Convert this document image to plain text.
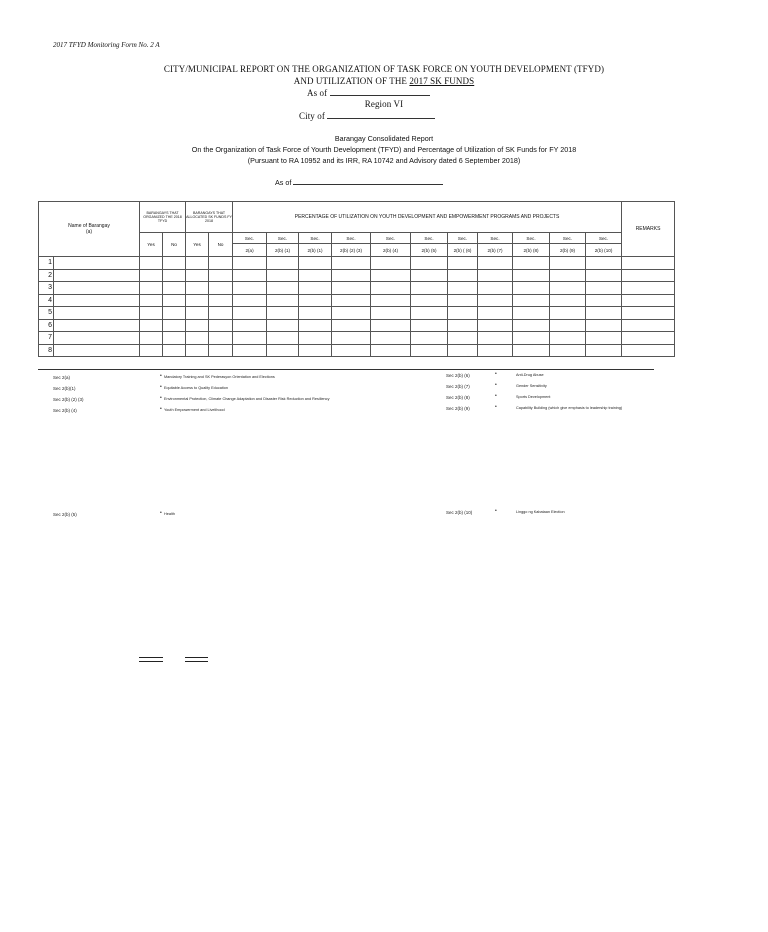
2017 TFYD Monitoring Form No. 2 A
CITY/MUNICIPAL REPORT ON THE ORGANIZATION OF TASK FORCE ON YOUTH DEVELOPMENT (TFYD)
AND UTILIZATION OF THE 2017 SK FUNDS
As of
Region VI
City of
Barangay Consolidated Report
On the Organization of Task Force of Yourth Development (TFYD) and Percentage of Utilization of SK Funds for FY 2018
(Pursuant to RA 10952 and its IRR, RA 10742 and Advisory dated 6 September 2018)
As of
Name of Barangay
(a)		BARANGAYS THAT ORGANIZED THE 2018 TFYD		BARANGAYS THAT ALLOCATED SK FUNDS FY 2018		PERCENTAGE OF UTILIZATION ON YOUTH DEVELOPMENT AND EMPOWERMENT PROGRAMS AND PROJECTS											REMARKS
		Yes	No	Yes	No	Sec.	Sec.	Sec.	Sec.	Sec.	Sec.	Sec.	Sec.	Sec.	Sec.	Sec.	
						2(a)	2(b) (1)	2(b) (1)	2(b) (2) (3)	2(b) (4)	2(b) (5)	2(b) ( (6)	2(b) (7)	2(b) (8)	2(b) (9)	2(b) (10)	
1																	
2																	
3																	
4																	
5																	
6																	
7																	
8																	
Sec 2(a)	• Mandatory Training and SK Pederasyon Orientation and Elections
Sec 2(b)(1)	• Equitable Access to Quality Education
Sec 2(b) (2) (3)	• Environmental Protection, Climate Change Adaptation and Disaster Risk Reduction and Resiliency
Sec 2(b) (4)	• Youth Empowerment and Livelihood
Sec 2(b) (6)	•	Anti-Drug Abuse
Sec 2(b) (7)	•	Gender Sensitivity
Sec 2(b) (8)	•	Sports Development
Sec 2(b) (9)	•	Capability Building (which give emphasis to leadership training)
Sec 2(b) (5)	• Health	Sec 2(b) (10)	•	Linggo ng Kabataan Election
